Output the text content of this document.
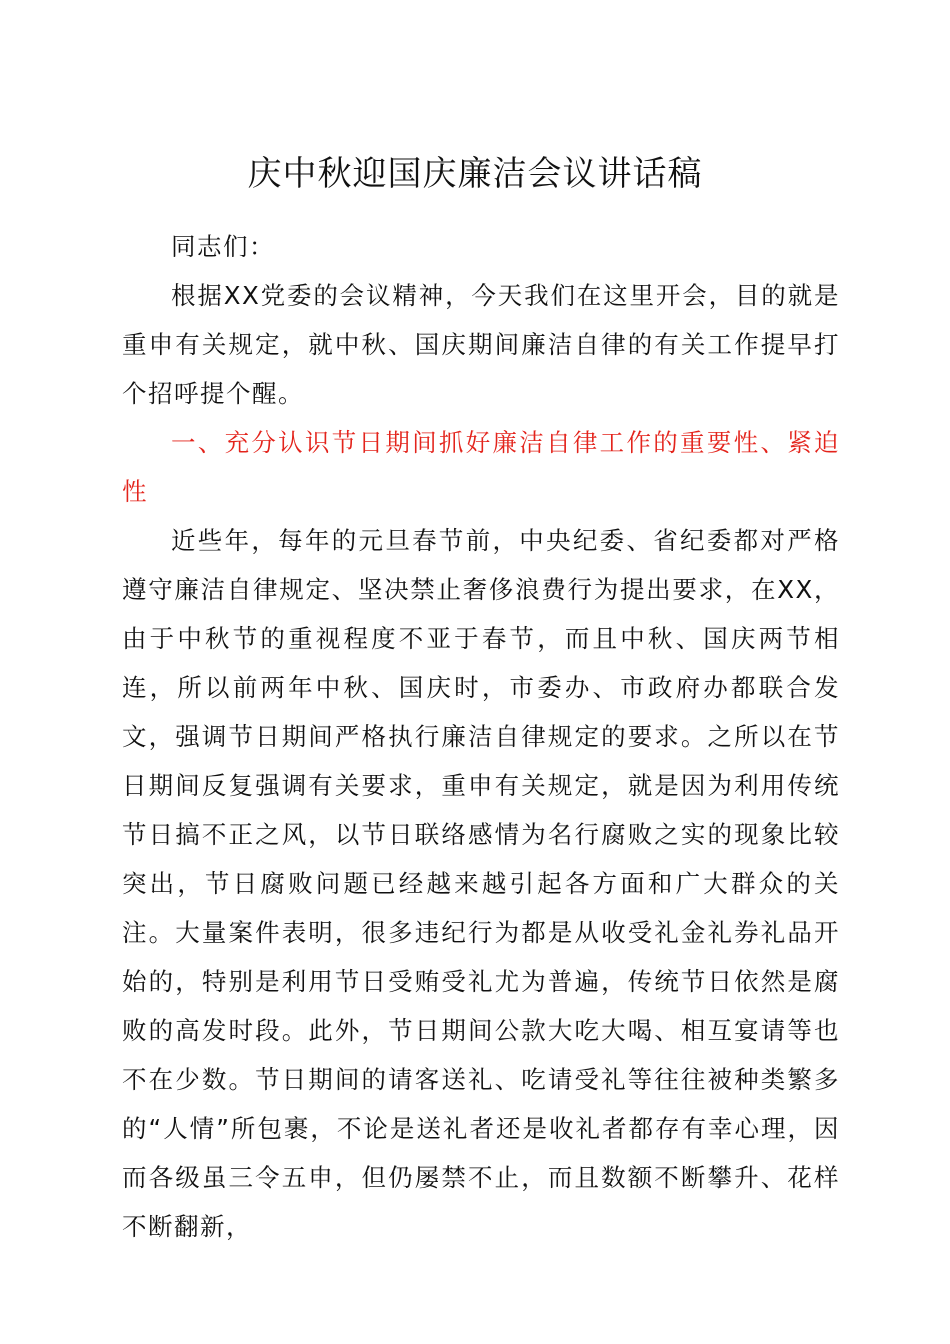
庆中秋迎国庆廉洁会议讲话稿

同志们：

根据XX党委的会议精神，今天我们在这里开会，目的就是重申有关规定，就中秋、国庆期间廉洁自律的有关工作提早打个招呼提个醒。

一、充分认识节日期间抓好廉洁自律工作的重要性、紧迫性

近些年，每年的元旦春节前，中央纪委、省纪委都对严格遵守廉洁自律规定、坚决禁止奢侈浪费行为提出要求，在XX，由于中秋节的重视程度不亚于春节，而且中秋、国庆两节相连，所以前两年中秋、国庆时，市委办、市政府办都联合发文，强调节日期间严格执行廉洁自律规定的要求。之所以在节日期间反复强调有关要求，重申有关规定，就是因为利用传统节日搞不正之风，以节日联络感情为名行腐败之实的现象比较突出，节日腐败问题已经越来越引起各方面和广大群众的关注。大量案件表明，很多违纪行为都是从收受礼金礼券礼品开始的，特别是利用节日受贿受礼尤为普遍，传统节日依然是腐败的高发时段。此外，节日期间公款大吃大喝、相互宴请等也不在少数。节日期间的请客送礼、吃请受礼等往往被种类繁多的“人情”所包裹，不论是送礼者还是收礼者都存有幸心理，因而各级虽三令五申，但仍屡禁不止，而且数额不断攀升、花样不断翻新，
